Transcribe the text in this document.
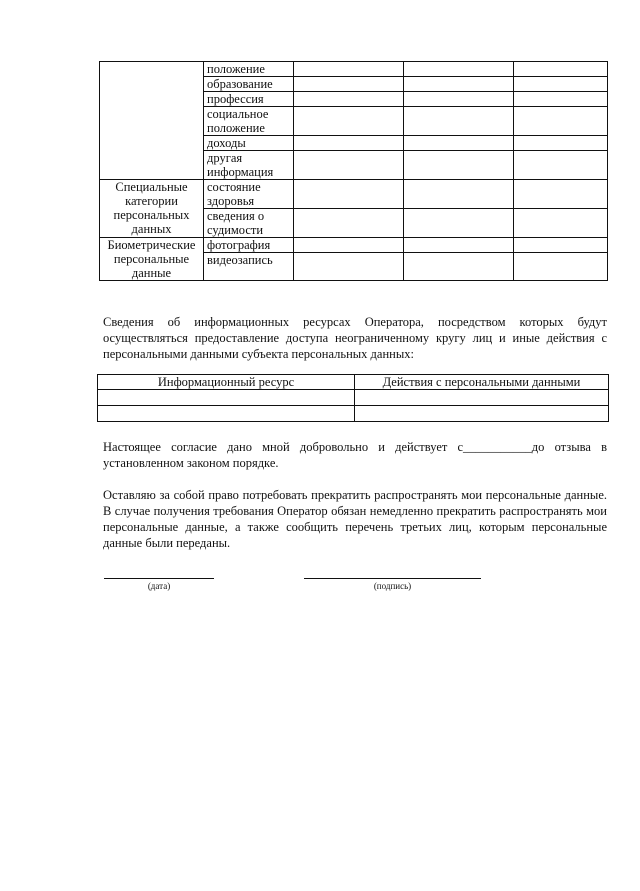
	положение			
	образование			
	профессия			
	социальное положение			
	доходы			
	другая информация			
Специальные категории персональных данных	состояние здоровья			
	сведения о судимости			
Биометрические персональные данные	фотография			
	видеозапись			
Сведения об информационных ресурсах Оператора, посредством которых будут осуществляться предоставление доступа неограниченному кругу лиц и иные действия с персональными данными субъекта персональных данных:
Информационный ресурс	Действия с персональными данными

Настоящее согласие дано мной добровольно и действует с___________до отзыва в установленном законом порядке.
Оставляю за собой право потребовать прекратить распространять мои персональные данные. В случае получения требования Оператор обязан немедленно прекратить распространять мои персональные данные, а также сообщить перечень третьих лиц, которым персональные данные были переданы.
(дата)	(подпись)
